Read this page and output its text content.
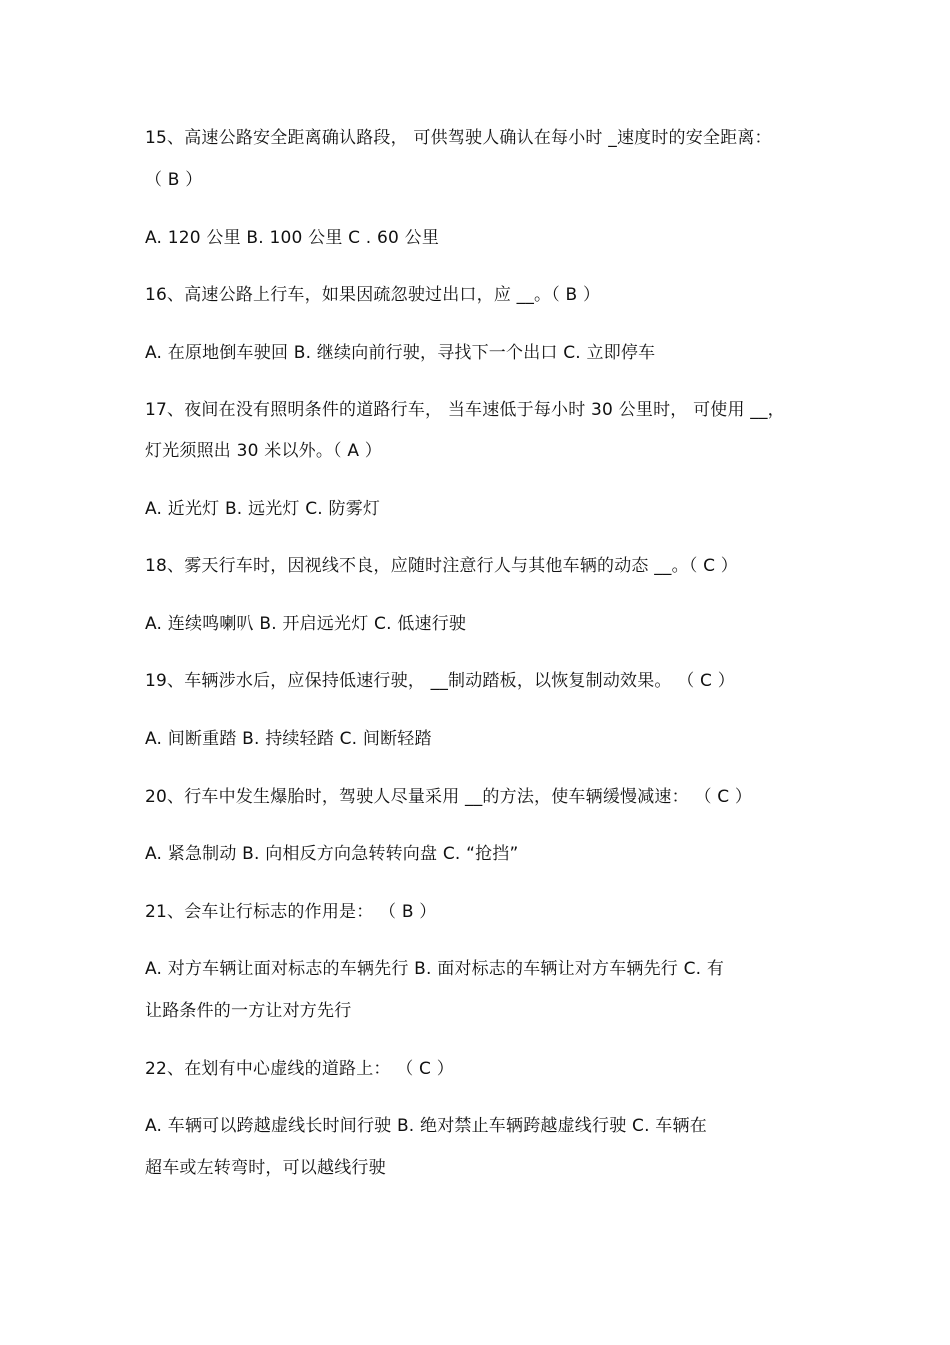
15、高速公路安全距离确认路段， 可供驾驶人确认在每小时 _速度时的安全距离：
（ B ）
A. 120 公里 B. 100 公里 C . 60 公里
16、高速公路上行车，如果因疏忽驶过出口，应 __。（ B ）
A. 在原地倒车驶回 B. 继续向前行驶，寻找下一个出口 C. 立即停车
17、夜间在没有照明条件的道路行车， 当车速低于每小时 30 公里时， 可使用 __，
灯光须照出 30 米以外。（ A ）
A. 近光灯 B. 远光灯 C. 防雾灯
18、雾天行车时，因视线不良，应随时注意行人与其他车辆的动态 __。（ C ）
A. 连续鸣喇叭 B. 开启远光灯 C. 低速行驶
19、车辆涉水后，应保持低速行驶， __制动踏板，以恢复制动效果。 （ C ）
A. 间断重踏 B. 持续轻踏 C. 间断轻踏
20、行车中发生爆胎时，驾驶人尽量采用 __的方法，使车辆缓慢减速： （ C ）
A. 紧急制动 B. 向相反方向急转转向盘 C. “抢挡”
21、会车让行标志的作用是： （ B ）
A. 对方车辆让面对标志的车辆先行 B. 面对标志的车辆让对方车辆先行 C. 有
让路条件的一方让对方先行
22、在划有中心虚线的道路上： （ C ）
A. 车辆可以跨越虚线长时间行驶 B. 绝对禁止车辆跨越虚线行驶 C. 车辆在
超车或左转弯时，可以越线行驶
